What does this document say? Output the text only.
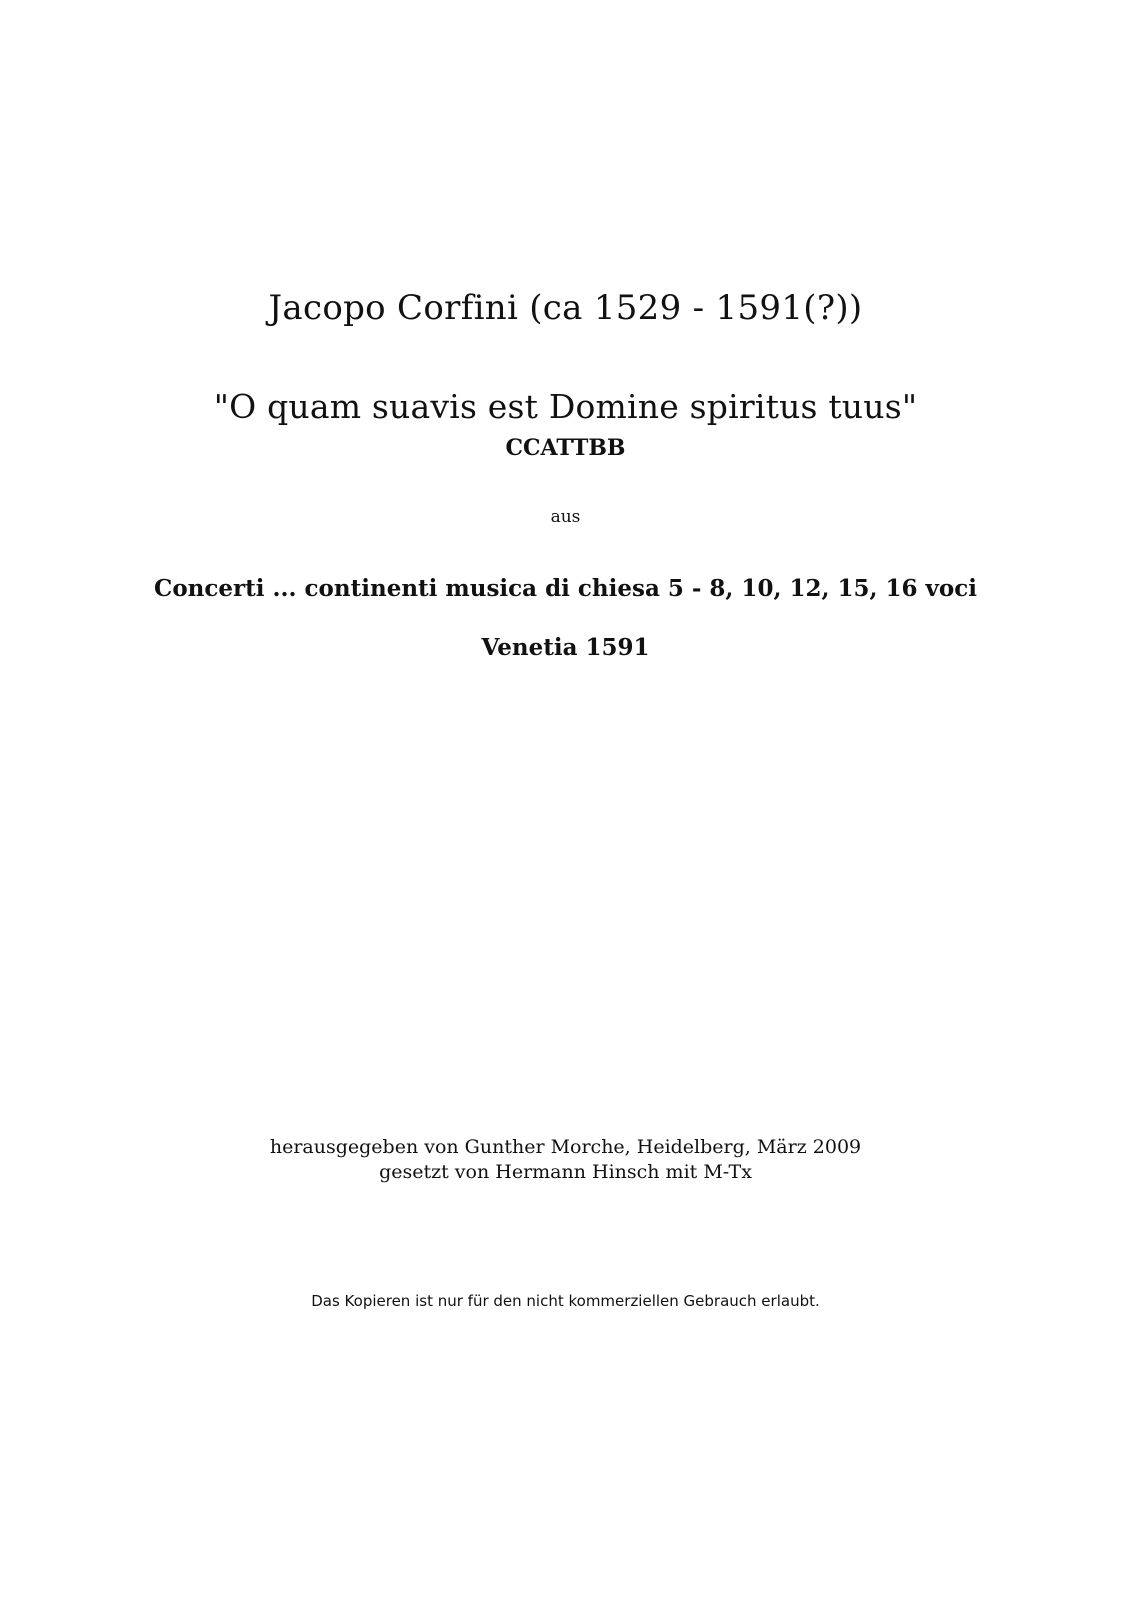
Jacopo Corfini (ca 1529 - 1591(?))
"O quam suavis est Domine spiritus tuus"
CCATTBB
aus
Concerti ... continenti musica di chiesa 5 - 8, 10, 12, 15, 16 voci
Venetia 1591
herausgegeben von Gunther Morche, Heidelberg, März 2009
gesetzt von Hermann Hinsch mit M-Tx
Das Kopieren ist nur für den nicht kommerziellen Gebrauch erlaubt.
